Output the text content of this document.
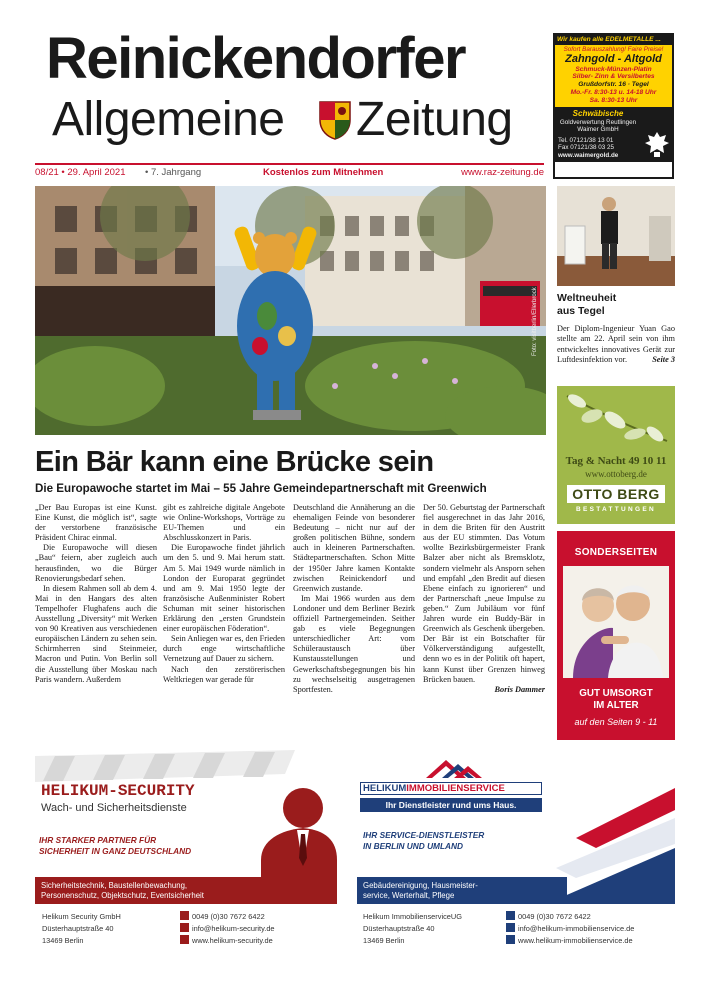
Reinickendorfer
Allgemeine Zeitung
08/21 • 29. April 2021 • 7. Jahrgang	Kostenlos zum Mitnehmen	www.raz-zeitung.de
Wir kaufen alle EDELMETALLE ...
Sofort Barauszahlung! Faire Preise!
Zahngold - Altgold
Schmuck-Münzen-Platin
Silber- Zinn & Versilbertes
Grußdorfstr. 16 · Tegel
Mo.-Fr. 8:30-13 u. 14-18 Uhr
Sa. 8:30-13 Uhr
Schwäbische
Goldverwertung Reutlingen
Waimer GmbH
Tel. 07121/38 13 01
Fax 07121/38 03 25
www.waimergold.de
Foto: visitberlin/Ellerbrock
Ein Bär kann eine Brücke sein
Die Europawoche startet im Mai – 55 Jahre Gemeindepartnerschaft mit Greenwich

„Der Bau Europas ist eine Kunst. Eine Kunst, die möglich ist“, sagte der verstorbene französische Präsident Chirac einmal.

Die Europawoche will diesen „Bau“ feiern, aber zugleich auch herausfinden, wo die Bürger Renovierungsbedarf sehen.

In diesem Rahmen soll ab dem 4. Mai in den Hangars des alten Tempelhofer Flughafens auch die Ausstellung „Diversity“ mit Werken von 90 Kreativen aus verschiedenen europäischen Ländern zu sehen sein. Schirmherren sind Steinmeier, Macron und Putin. Von Berlin soll die Ausstellung über Moskau nach Paris wandern. Außerdem

gibt es zahlreiche digitale Angebote wie Online-Workshops, Vorträge zu EU-Themen und ein Abschlusskonzert in Paris.

Die Europawoche findet jährlich um den 5. und 9. Mai herum statt. Am 5. Mai 1949 wurde nämlich in London der Europarat gegründet und am 9. Mai 1950 legte der französische Außenminister Robert Schuman mit seiner historischen Erklärung den „ersten Grundstein einer europäischen Föderation“.

Sein Anliegen war es, den Frieden durch enge wirtschaftliche Vernetzung auf Dauer zu sichern.

Nach den zerstörerischen Weltkriegen war gerade für

Deutschland die Annäherung an die ehemaligen Feinde von besonderer Bedeutung – nicht nur auf der großen politischen Bühne, sondern auch in kleineren Partnerschaften. Städtepartnerschaften. Schon Mitte der 1950er Jahre kamen Kontakte zwischen Reinickendorf und Greenwich zustande.

Im Mai 1966 wurden aus dem Londoner und dem Berliner Bezirk offiziell Partnergemeinden. Seither gab es viele Begegnungen unterschiedlicher Art: vom Schüleraustausch über Kunstausstellungen und Gewerkschaftsbegegnungen bis hin zu wechselseitig ausgetragenen Sportfesten.

Der 50. Geburtstag der Partnerschaft fiel ausgerechnet in das Jahr 2016, in dem die Briten für den Austritt aus der EU stimmten. Das Votum wollte Bezirksbürgermeister Frank Balzer aber nicht als Bremsklotz, sondern vielmehr als Ansporn sehen und empfahl „den Bredit auf diesen Ebene einfach zu ignorieren“ und der Partnerschaft „neue Impulse zu geben.“ Zum Jubiläum vor fünf Jahren wurde ein Buddy-Bär in Greenwich als Geschenk übergeben. Der Bär ist ein Botschafter für Völkerverständigung aufgestellt, denn wo es in der Politik oft hapert, kann Kunst über Grenzen hinweg Brücken bauen.

Boris Dammer

Weltneuheit
aus Tegel
Der Diplom-Ingenieur Yuan Gao stellte am 22. April sein von ihm entwickeltes innovatives Gerät zur Luftdesinfektion vor.	Seite 3
Tag & Nacht 49 10 11
www.ottoberg.de
OTTO BERG
BESTATTUNGEN
SONDERSEITEN
GUT UMSORGT
IM ALTER
auf den Seiten 9 - 11
HELIKUM-SECURITY
Wach- und Sicherheitsdienste
IHR STARKER PARTNER FÜR
SICHERHEIT IN GANZ DEUTSCHLAND
Sicherheitstechnik, Baustellenbewachung,
Personenschutz, Objektschutz, Eventsicherheit
HELIKUMIMMOBILIENSERVICE
Ihr Dienstleister rund ums Haus.
IHR SERVICE-DIENSTLEISTER
IN BERLIN UND UMLAND
Gebäudereinigung, Hausmeister-
service, Werterhalt, Pflege
Helikum Security GmbH
Düsterhauptstraße 40
13469 Berlin
0049 (0)30 7672 6422
info@helikum-security.de
www.helikum-security.de
Helikum ImmobilienserviceUG
Düsterhauptstraße 40
13469 Berlin
0049 (0)30 7672 6422
info@helikum-immobilienservice.de
www.helikum-immobilienservice.de
